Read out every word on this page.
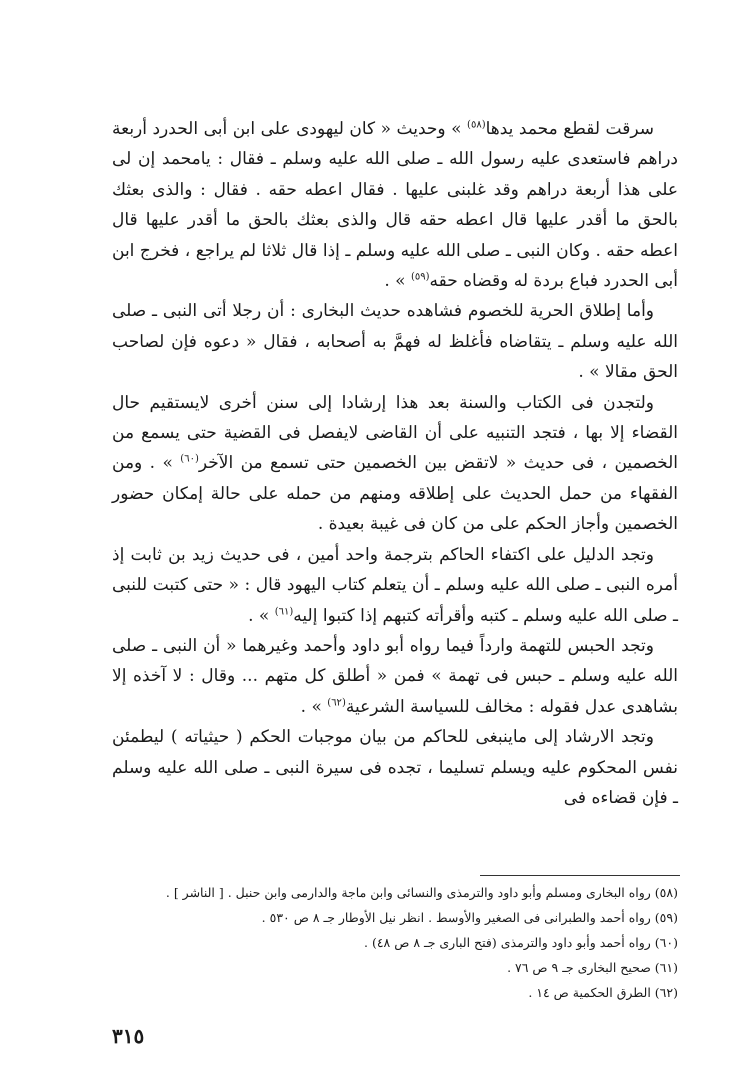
سرقت لقطع محمد يدها$^{(٥٨)}$ » وحديث « كان ليهودى على ابن أبى الحدرد أربعة دراهم فاستعدى عليه رسول الله ـ صلى الله عليه وسلم ـ فقال : يامحمد إن لى على هذا أربعة دراهم وقد غلبنى عليها . فقال اعطه حقه . فقال : والذى بعثك بالحق ما أقدر عليها قال اعطه حقه قال والذى بعثك بالحق ما أقدر عليها قال اعطه حقه . وكان النبى ـ صلى الله عليه وسلم ـ إذا قال ثلاثا لم يراجع ، فخرج ابن أبى الحدرد فباع بردة له وقضاه حقه$^{(٥٩)}$ » .

وأما إطلاق الحرية للخصوم فشاهده حديث البخارى : أن رجلا أتى النبى ـ صلى الله عليه وسلم ـ يتقاضاه فأغلظ له فهمَّ به أصحابه ، فقال « دعوه فإن لصاحب الحق مقالا » .

ولتجدن فى الكتاب والسنة بعد هذا إرشادا إلى سنن أخرى لايستقيم حال القضاء إلا بها ، فتجد التنبيه على أن القاضى لايفصل فى القضية حتى يسمع من الخصمين ، فى حديث « لاتقض بين الخصمين حتى تسمع من الآخر$^{(٦٠)}$ » . ومن الفقهاء من حمل الحديث على إطلاقه ومنهم من حمله على حالة إمكان حضور الخصمين وأجاز الحكم على من كان فى غيبة بعيدة .

وتجد الدليل على اكتفاء الحاكم بترجمة واحد أمين ، فى حديث زيد بن ثابت إذ أمره النبى ـ صلى الله عليه وسلم ـ أن يتعلم كتاب اليهود قال : « حتى كتبت للنبى ـ صلى الله عليه وسلم ـ كتبه وأقرأته كتبهم إذا كتبوا إليه$^{(٦١)}$ » .

وتجد الحبس للتهمة وارداً فيما رواه أبو داود وأحمد وغيرهما « أن النبى ـ صلى الله عليه وسلم ـ حبس فى تهمة » فمن « أطلق كل متهم ... وقال : لا آخذه إلا بشاهدى عدل فقوله : مخالف للسياسة الشرعية$^{(٦٢)}$ » .

وتجد الارشاد إلى ماينبغى للحاكم من بيان موجبات الحكم ( حيثياته ) ليطمئن نفس المحكوم عليه ويسلم تسليما ، تجده فى سيرة النبى ـ صلى الله عليه وسلم ـ فإن قضاءه فى

(٥٨) رواه البخارى ومسلم وأبو داود والترمذى والنسائى وابن ماجة والدارمى وابن حنبل . [ الناشر ] .
(٥٩) رواه أحمد والطبرانى فى الصغير والأوسط . انظر نيل الأوطار جـ ٨ ص ٥٣٠ .
(٦٠) رواه أحمد وأبو داود والترمذى (فتح البارى جـ ٨ ص ٤٨) .
(٦١) صحيح البخارى جـ ٩ ص ٧٦ .
(٦٢) الطرق الحكمية ص ١٤ .
٣١٥
